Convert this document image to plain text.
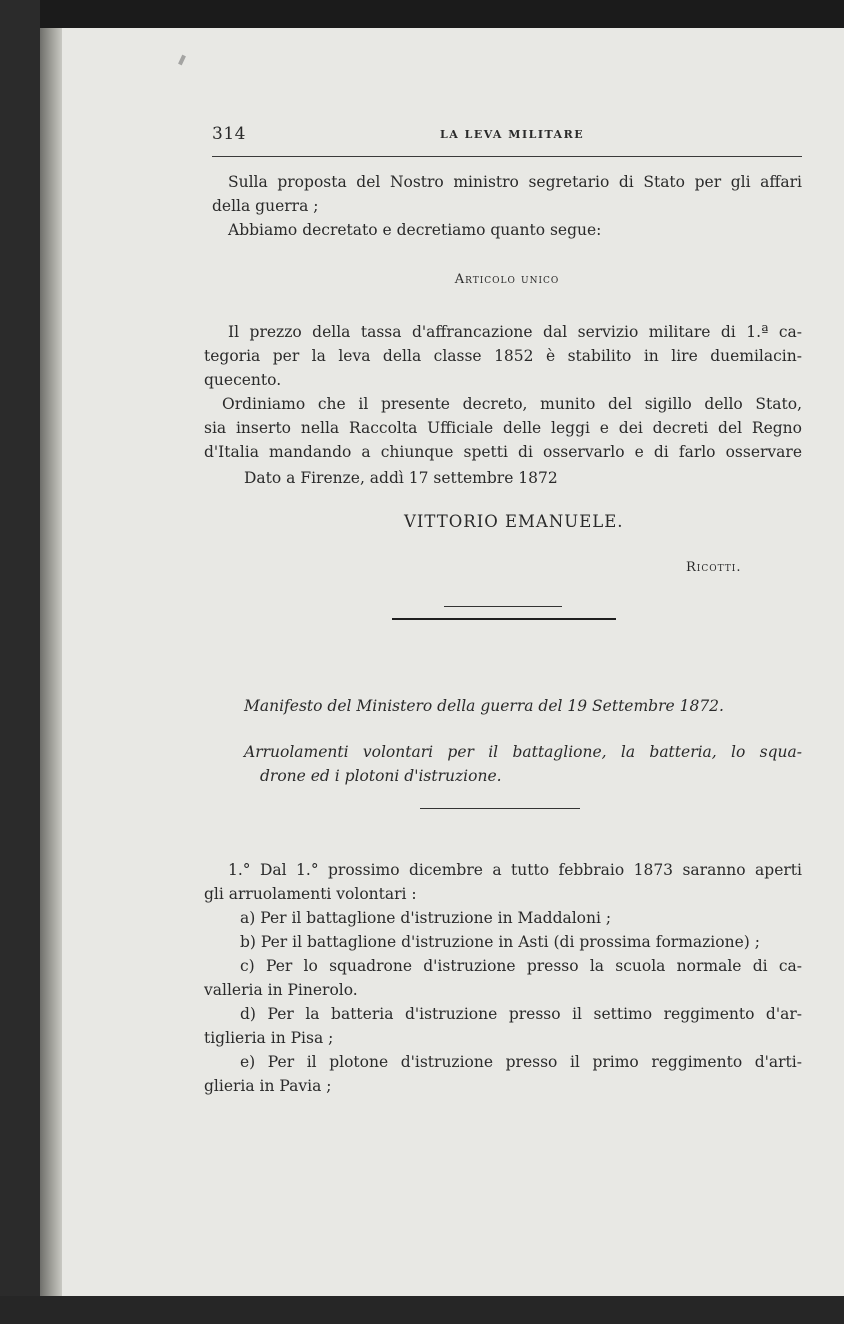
314	LA LEVA MILITARE
Sulla proposta del Nostro ministro segretario di Stato per gli affari
della guerra ;
Abbiamo decretato e decretiamo quanto segue:
Articolo unico
Il prezzo della tassa d'affrancazione dal servizio militare di 1.ª ca-
tegoria per la leva della classe 1852 è stabilito in lire duemilacin-
quecento.
Ordiniamo che il presente decreto, munito del sigillo dello Stato,
sia inserto nella Raccolta Ufficiale delle leggi e dei decreti del Regno
d'Italia mandando a chiunque spetti di osservarlo e di farlo osservare
Dato a Firenze, addì 17 settembre 1872
VITTORIO EMANUELE.
Ricotti.
Manifesto del Ministero della guerra del 19 Settembre 1872.
Arruolamenti volontari per il battaglione, la batteria, lo squa-
drone ed i plotoni d'istruzione.
1.° Dal 1.° prossimo dicembre a tutto febbraio 1873 saranno aperti
gli arruolamenti volontari :
a) Per il battaglione d'istruzione in Maddaloni ;
b) Per il battaglione d'istruzione in Asti (di prossima formazione) ;
c) Per lo squadrone d'istruzione presso la scuola normale di ca-
valleria in Pinerolo.
d) Per la batteria d'istruzione presso il settimo reggimento d'ar-
tiglieria in Pisa ;
e) Per il plotone d'istruzione presso il primo reggimento d'arti-
glieria in Pavia ;
